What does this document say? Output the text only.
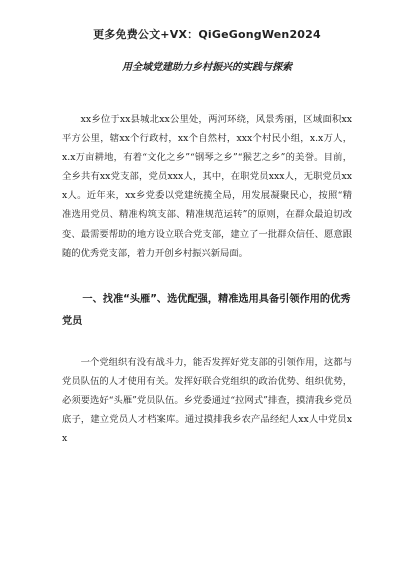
更多免费公文+VX：QiGeGongWen2024
用全域党建助力乡村振兴的实践与探索

xx乡位于xx县城北xx公里处，两河环绕，风景秀丽，区域面积xx平方公里，辖xx个行政村，xx个自然村，xxx个村民小组，x.x万人，x.x万亩耕地，有着“文化之乡”“钢琴之乡”“猴艺之乡”的美誉。目前，全乡共有xx党支部，党员xxx人，其中，在职党员xxx人，无职党员xxx人。近年来，xx乡党委以党建统揽全局，用发展凝聚民心，按照“精准选用党员、精准构筑支部、精准规范运转”的原则，在群众最迫切改变、最需要帮助的地方设立联合党支部，建立了一批群众信任、愿意跟随的优秀党支部，着力开创乡村振兴新局面。

一、找准“头雁”、选优配强，精准选用具备引领作用的优秀党员

一个党组织有没有战斗力，能否发挥好党支部的引领作用，这都与党员队伍的人才使用有关。发挥好联合党组织的政治优势、组织优势，必须要选好“头雁”党员队伍。乡党委通过“拉网式”排查，摸清我乡党员底子，建立党员人才档案库。通过摸排我乡农产品经纪人xx人中党员xx
